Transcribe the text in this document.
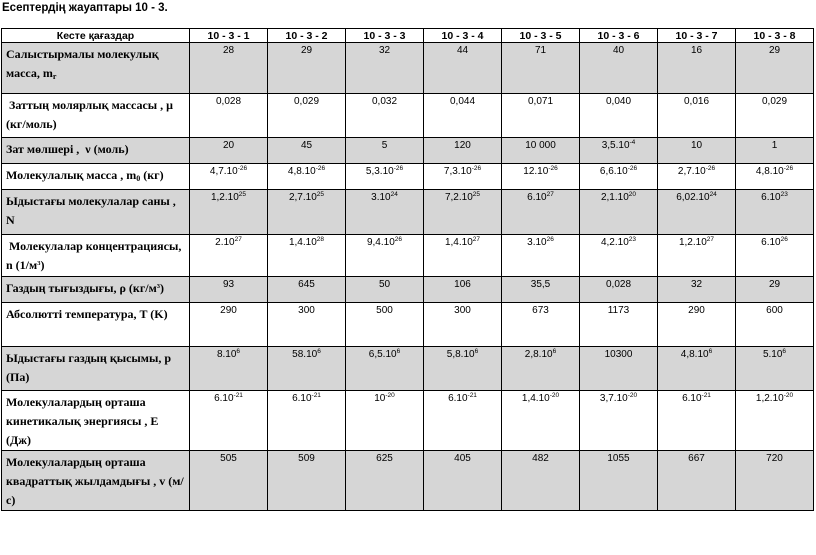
Есептердің жауаптары 10 - 3.
Кесте қағаздар	10 - 3 - 1	10 - 3 - 2	10 - 3 - 3	10 - 3 - 4	10 - 3 - 5	10 - 3 - 6	10 - 3 - 7	10 - 3 - 8
Салыстырмалы молекулық масса, $m_r$	28	29	32	44	71	40	16	29
Заттың молярлық массасы , μ (кг/моль)	0,028	0,029	0,032	0,044	0,071	0,040	0,016	0,029
Зат мөлшері ,  ν (моль)	20	45	5	120	10 000	$3,5.10^{-4}$	10	1
Молекулалық масса , $m_0$ (кг)	$4,7.10^{-26}$	$4,8.10^{-26}$	$5,3.10^{-26}$	$7,3.10^{-26}$	$12.10^{-26}$	$6,6.10^{-26}$	$2,7.10^{-26}$	$4,8.10^{-26}$
Ыдыстағы молекулалар саны , N	1,2.10$^{25}$	2,7.10$^{25}$	3.10$^{24}$	7,2.10$^{25}$	6.10$^{27}$	2,1.10$^{20}$	6,02.10$^{24}$	6.10$^{23}$
Молекулалар концентрациясы, n $(1/м^3)$	2.10$^{27}$	1,4.10$^{28}$	9,4.10$^{26}$	1,4.10$^{27}$	3.10$^{26}$	4,2.10$^{23}$	1,2.10$^{27}$	6.10$^{26}$
Газдың тығыздығы, ρ $(кг/м^3)$	93	645	50	106	35,5	0,028	32	29
Абсолютті температура, T (K)	290	300	500	300	673	1173	290	600
Ыдыстағы газдың қысымы, p (Па)	8.10$^6$	58.10$^6$	6,5.10$^6$	5,8.10$^6$	2,8.10$^6$	10300	4,8.10$^6$	5.10$^6$
Молекулалардың орташа кинетикалық энергиясы , E (Дж)	$6.10^{-21}$	$6.10^{-21}$	$10^{-20}$	$6.10^{-21}$	$1,4.10^{-20}$	$3,7.10^{-20}$	$6.10^{-21}$	$1,2.10^{-20}$
Молекулалардың орташа квадраттық жылдамдығы , v (м/с)	505	509	625	405	482	1055	667	720
